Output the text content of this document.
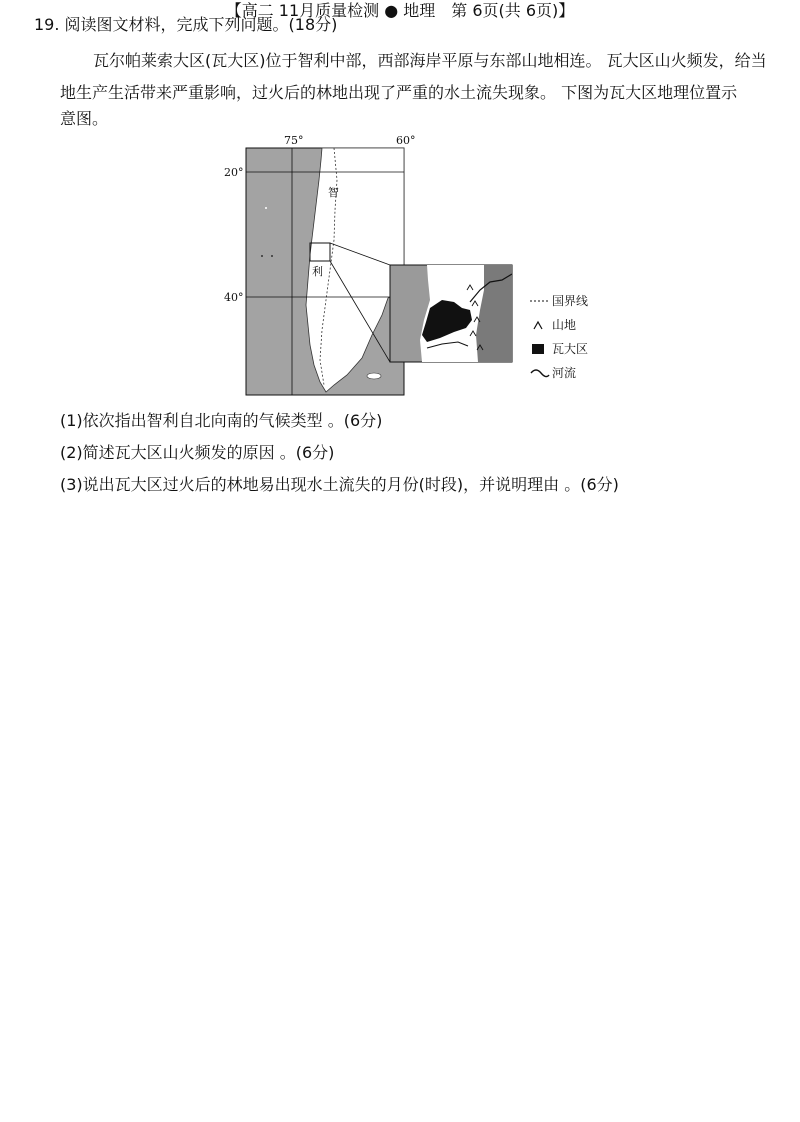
19. 阅读图文材料，完成下列问题。(18分)
瓦尔帕莱索大区(瓦大区)位于智利中部，西部海岸平原与东部山地相连。 瓦大区山火频发，给当
地生产生活带来严重影响，过火后的林地出现了严重的水土流失现象。 下图为瓦大区地理位置示
意图。
75°	60°
20°
40°
智
利
国界线
山地
瓦大区
河流
(1)依次指出智利自北向南的气候类型 。(6分)
(2)简述瓦大区山火频发的原因 。(6分)
(3)说出瓦大区过火后的林地易出现水土流失的月份(时段)，并说明理由 。(6分)
【高二 11月质量检测 ● 地理　第 6页(共 6页)】
